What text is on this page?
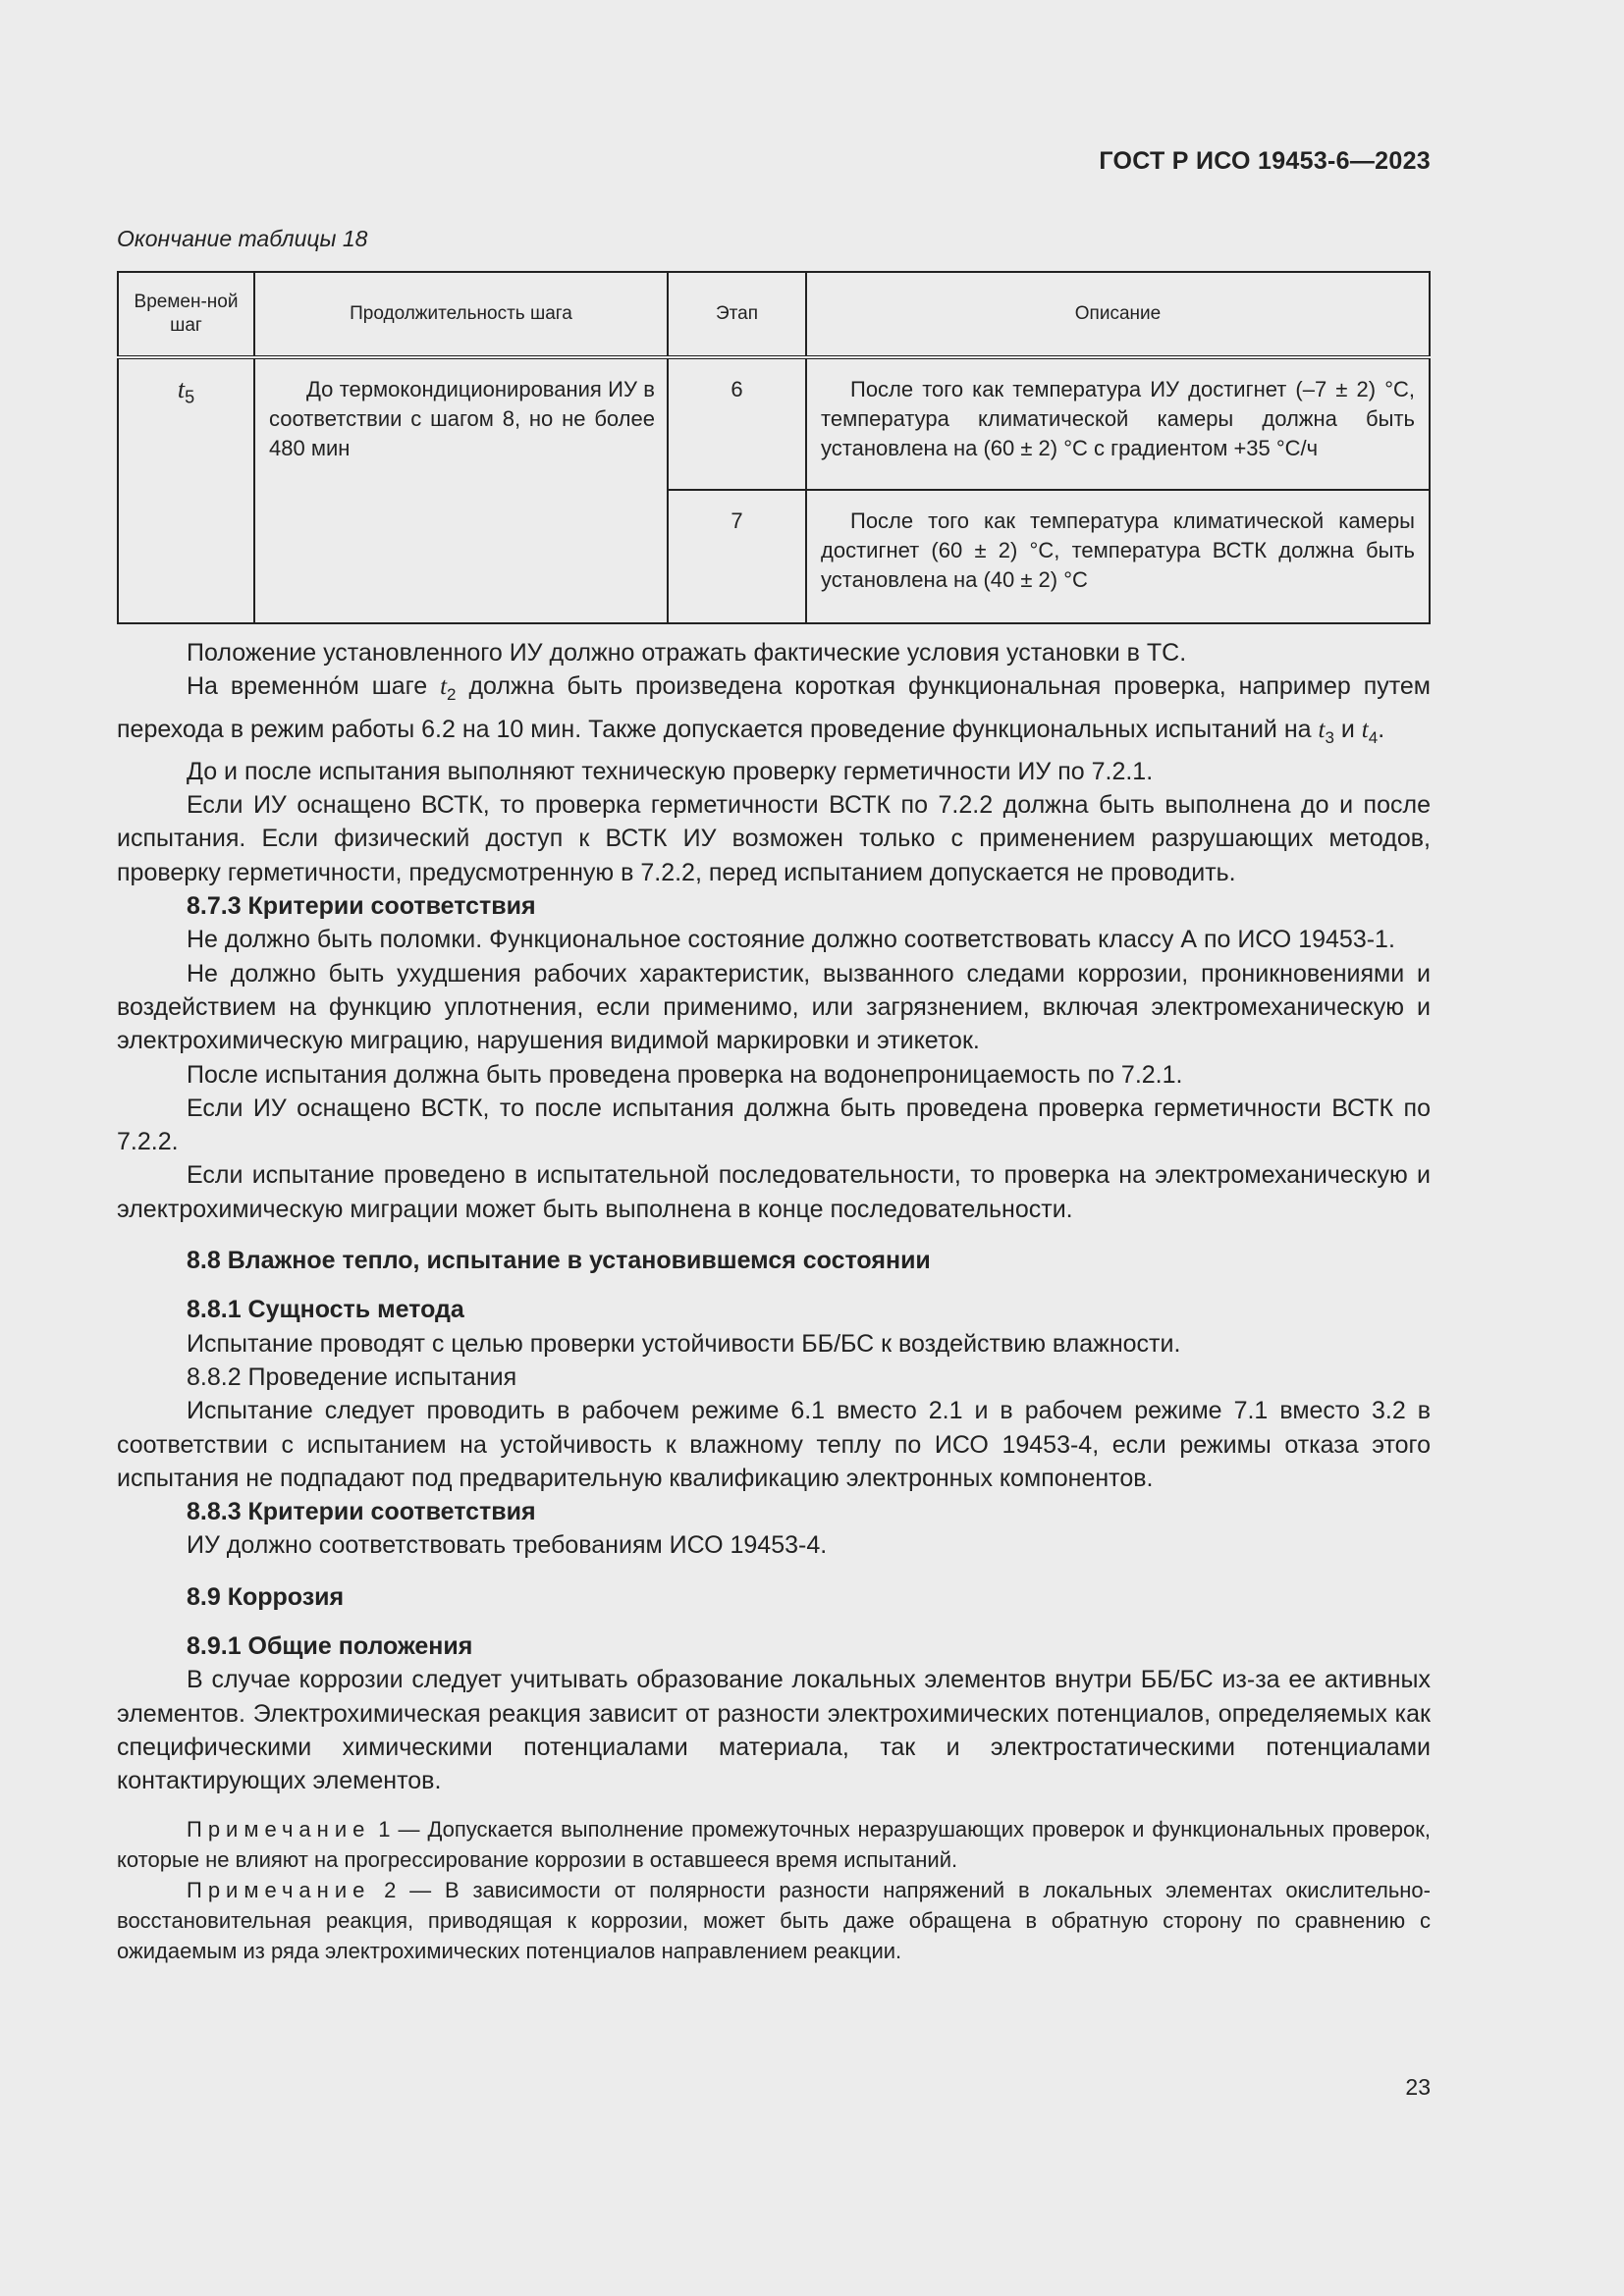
ГОСТ Р ИСО 19453-6—2023
Окончание таблицы 18
Времен-ной шаг	Продолжительность шага	Этап	Описание
$t_5$	До термокондиционирования ИУ в соответствии с шагом 8, но не более 480 мин	6	После того как температура ИУ достигнет (–7 ± 2) °С, температура климатической камеры должна быть установлена на (60 ± 2) °С с градиентом +35 °С/ч
		7	После того как температура климатической камеры достигнет (60 ± 2) °С, температура ВСТК должна быть установлена на (40 ± 2) °С

Положение установленного ИУ должно отражать фактические условия установки в ТС.

На временно́м шаге $t_2$ должна быть произведена короткая функциональная проверка, например путем перехода в режим работы 6.2 на 10 мин. Также допускается проведение функциональных испытаний на $t_3$ и $t_4$.

До и после испытания выполняют техническую проверку герметичности ИУ по 7.2.1.

Если ИУ оснащено ВСТК, то проверка герметичности ВСТК по 7.2.2 должна быть выполнена до и после испытания. Если физический доступ к ВСТК ИУ возможен только с применением разрушающих методов, проверку герметичности, предусмотренную в 7.2.2, перед испытанием допускается не проводить.

8.7.3 Критерии соответствия

Не должно быть поломки. Функциональное состояние должно соответствовать классу А по ИСО 19453-1.

Не должно быть ухудшения рабочих характеристик, вызванного следами коррозии, проникновениями и воздействием на функцию уплотнения, если применимо, или загрязнением, включая электромеханическую и электрохимическую миграцию, нарушения видимой маркировки и этикеток.

После испытания должна быть проведена проверка на водонепроницаемость по 7.2.1.

Если ИУ оснащено ВСТК, то после испытания должна быть проведена проверка герметичности ВСТК по 7.2.2.

Если испытание проведено в испытательной последовательности, то проверка на электромеханическую и электрохимическую миграции может быть выполнена в конце последовательности.

8.8 Влажное тепло, испытание в установившемся состоянии

8.8.1 Сущность метода

Испытание проводят с целью проверки устойчивости ББ/БС к воздействию влажности.

8.8.2 Проведение испытания

Испытание следует проводить в рабочем режиме 6.1 вместо 2.1 и в рабочем режиме 7.1 вместо 3.2 в соответствии с испытанием на устойчивость к влажному теплу по ИСО 19453-4, если режимы отказа этого испытания не подпадают под предварительную квалификацию электронных компонентов.

8.8.3 Критерии соответствия

ИУ должно соответствовать требованиям ИСО 19453-4.

8.9 Коррозия

8.9.1 Общие положения

В случае коррозии следует учитывать образование локальных элементов внутри ББ/БС из-за ее активных элементов. Электрохимическая реакция зависит от разности электрохимических потенциалов, определяемых как специфическими химическими потенциалами материала, так и электростатическими потенциалами контактирующих элементов.

Примечание 1 — Допускается выполнение промежуточных неразрушающих проверок и функциональных проверок, которые не влияют на прогрессирование коррозии в оставшееся время испытаний.

Примечание 2 — В зависимости от полярности разности напряжений в локальных элементах окислительно-восстановительная реакция, приводящая к коррозии, может быть даже обращена в обратную сторону по сравнению с ожидаемым из ряда электрохимических потенциалов направлением реакции.

23
